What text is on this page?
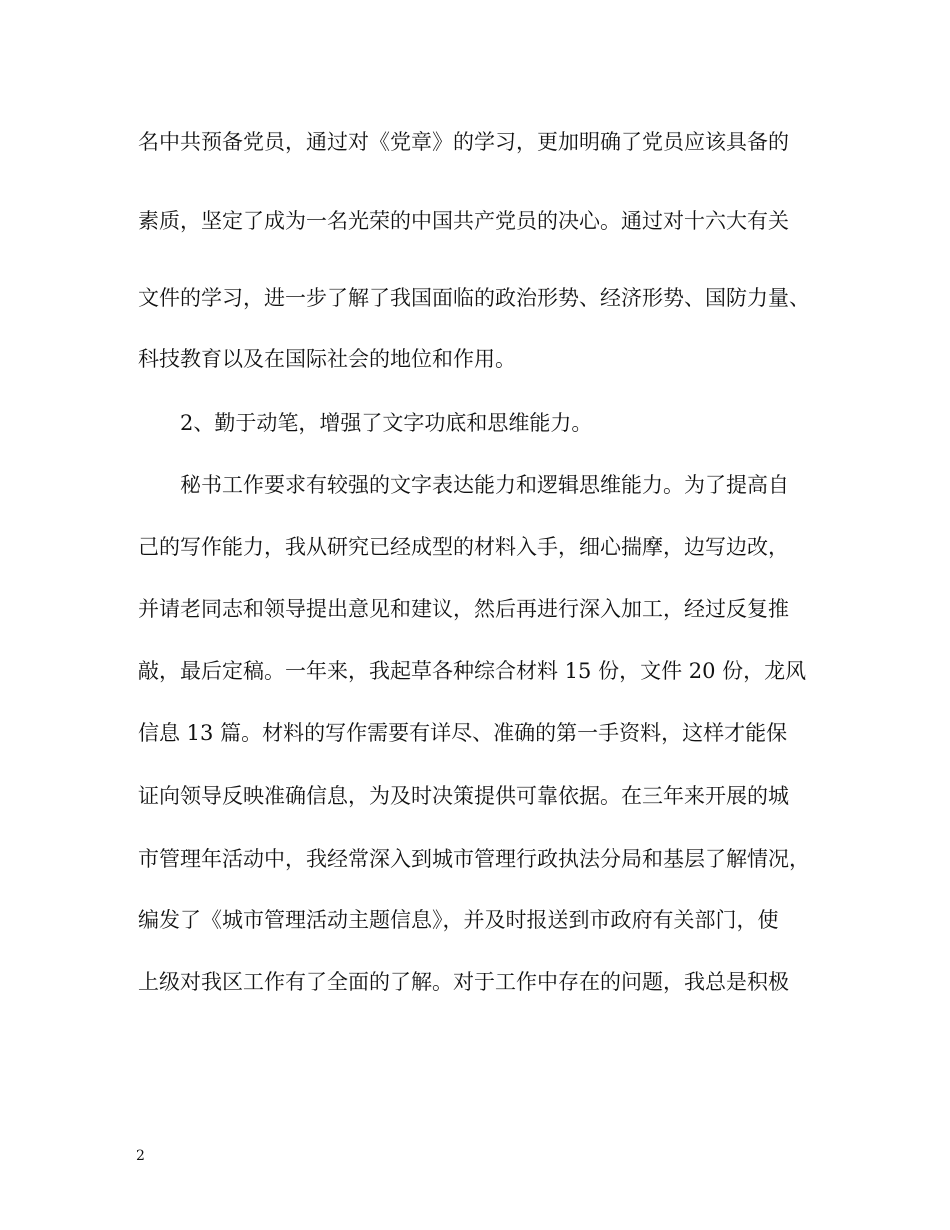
名中共预备党员，通过对《党章》的学习，更加明确了党员应该具备的
素质，坚定了成为一名光荣的中国共产党员的决心。通过对十六大有关
文件的学习，进一步了解了我国面临的政治形势、经济形势、国防力量、
科技教育以及在国际社会的地位和作用。
2、勤于动笔，增强了文字功底和思维能力。
秘书工作要求有较强的文字表达能力和逻辑思维能力。为了提高自
己的写作能力，我从研究已经成型的材料入手，细心揣摩，边写边改，
并请老同志和领导提出意见和建议，然后再进行深入加工，经过反复推
敲，最后定稿。一年来，我起草各种综合材料 15 份，文件 20 份，龙风
信息 13 篇。材料的写作需要有详尽、准确的第一手资料，这样才能保
证向领导反映准确信息，为及时决策提供可靠依据。在三年来开展的城
市管理年活动中，我经常深入到城市管理行政执法分局和基层了解情况，
编发了《城市管理活动主题信息》，并及时报送到市政府有关部门，使
上级对我区工作有了全面的了解。对于工作中存在的问题，我总是积极
2
